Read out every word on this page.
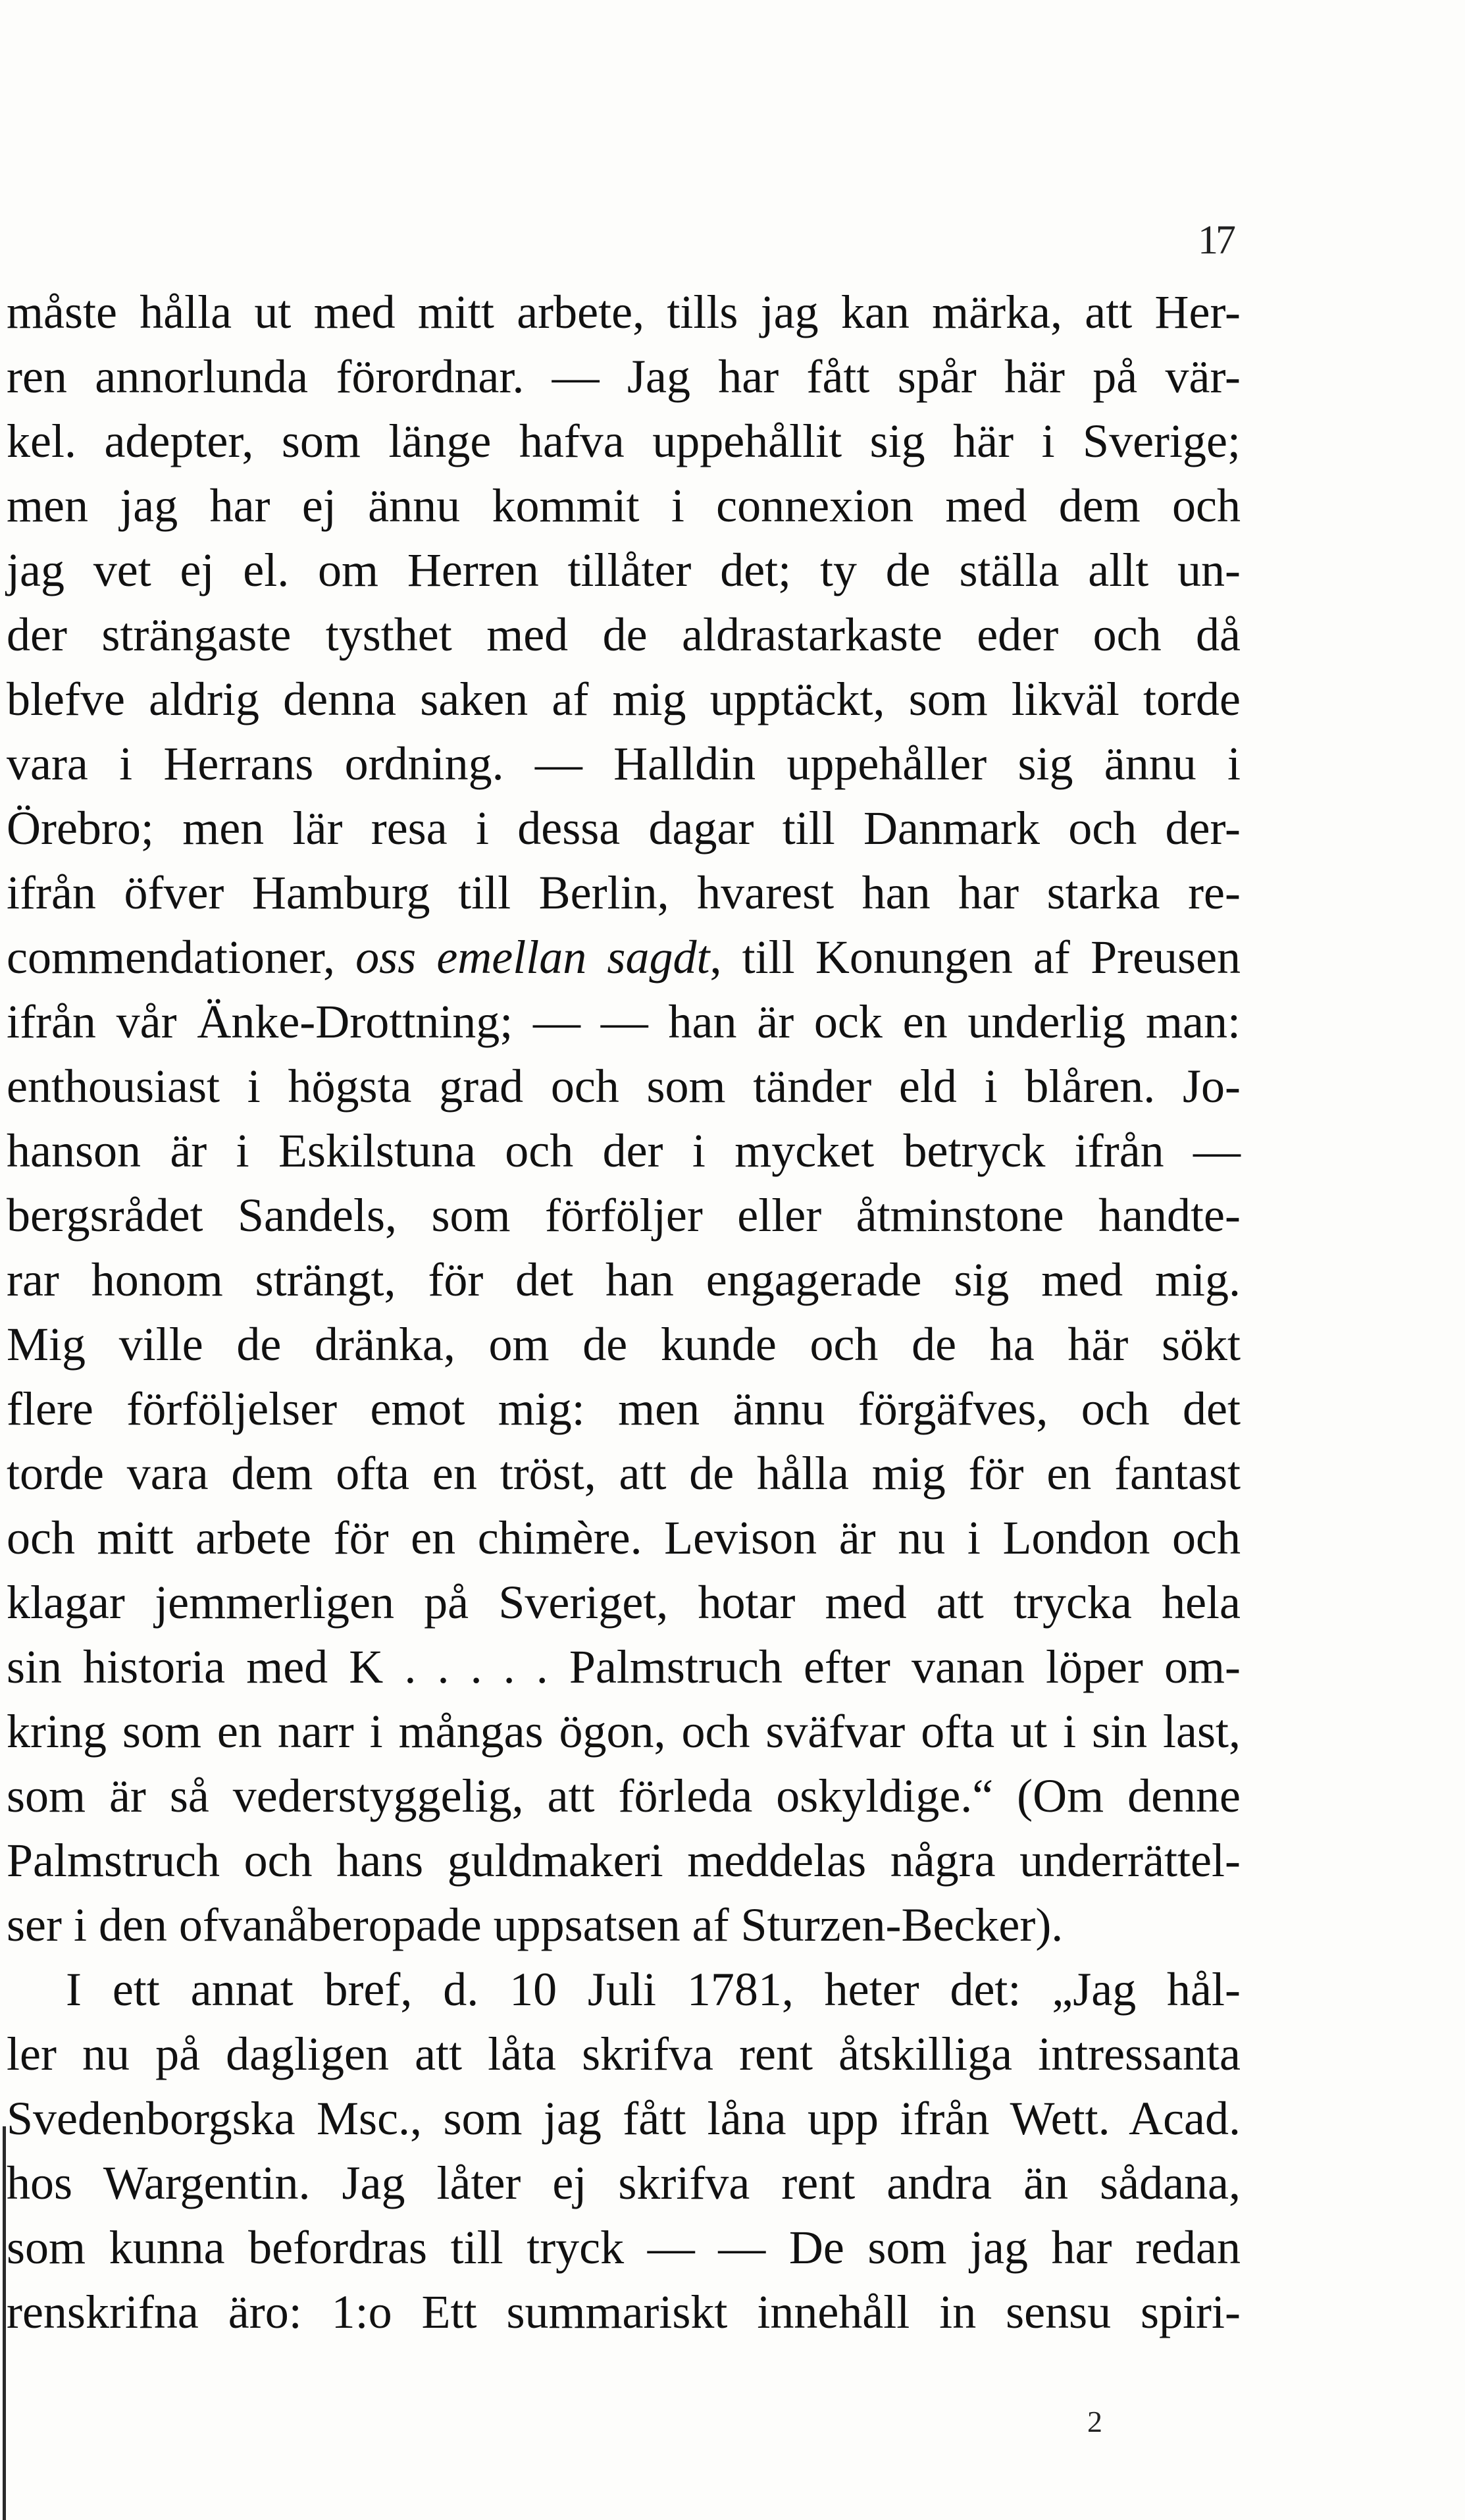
17
måste hålla ut med mitt arbete, tills jag kan märka, att Her-
ren annorlunda förordnar. — Jag har fått spår här på vär-
kel. adepter, som länge hafva uppehållit sig här i Sverige;
men jag har ej ännu kommit i connexion med dem och
jag vet ej el. om Herren tillåter det; ty de ställa allt un-
der strängaste tysthet med de aldrastarkaste eder och då
blefve aldrig denna saken af mig upptäckt, som likväl torde
vara i Herrans ordning. — Halldin uppehåller sig ännu i
Örebro; men lär resa i dessa dagar till Danmark och der-
ifrån öfver Hamburg till Berlin, hvarest han har starka re-
commendationer, oss emellan sagdt, till Konungen af Preusen
ifrån vår Änke-Drottning; — — han är ock en underlig man:
enthousiast i högsta grad och som tänder eld i blåren. Jo-
hanson är i Eskilstuna och der i mycket betryck ifrån —
bergsrådet Sandels, som förföljer eller åtminstone handte-
rar honom strängt, för det han engagerade sig med mig.
Mig ville de dränka, om de kunde och de ha här sökt
flere förföljelser emot mig: men ännu förgäfves, och det
torde vara dem ofta en tröst, att de hålla mig för en fantast
och mitt arbete för en chimère. Levison är nu i London och
klagar jemmerligen på Sveriget, hotar med att trycka hela
sin historia med K . . . . . Palmstruch efter vanan löper om-
kring som en narr i mångas ögon, och sväfvar ofta ut i sin last,
som är så vederstyggelig, att förleda oskyldige.“ (Om denne
Palmstruch och hans guldmakeri meddelas några underrättel-
ser i den ofvanåberopade uppsatsen af Sturzen-Becker).
I ett annat bref, d. 10 Juli 1781, heter det: „Jag hål-
ler nu på dagligen att låta skrifva rent åtskilliga intressanta
Svedenborgska Msc., som jag fått låna upp ifrån Wett. Acad.
hos Wargentin. Jag låter ej skrifva rent andra än sådana,
som kunna befordras till tryck — — De som jag har redan
renskrifna äro: 1:o Ett summariskt innehåll in sensu spiri-
2
